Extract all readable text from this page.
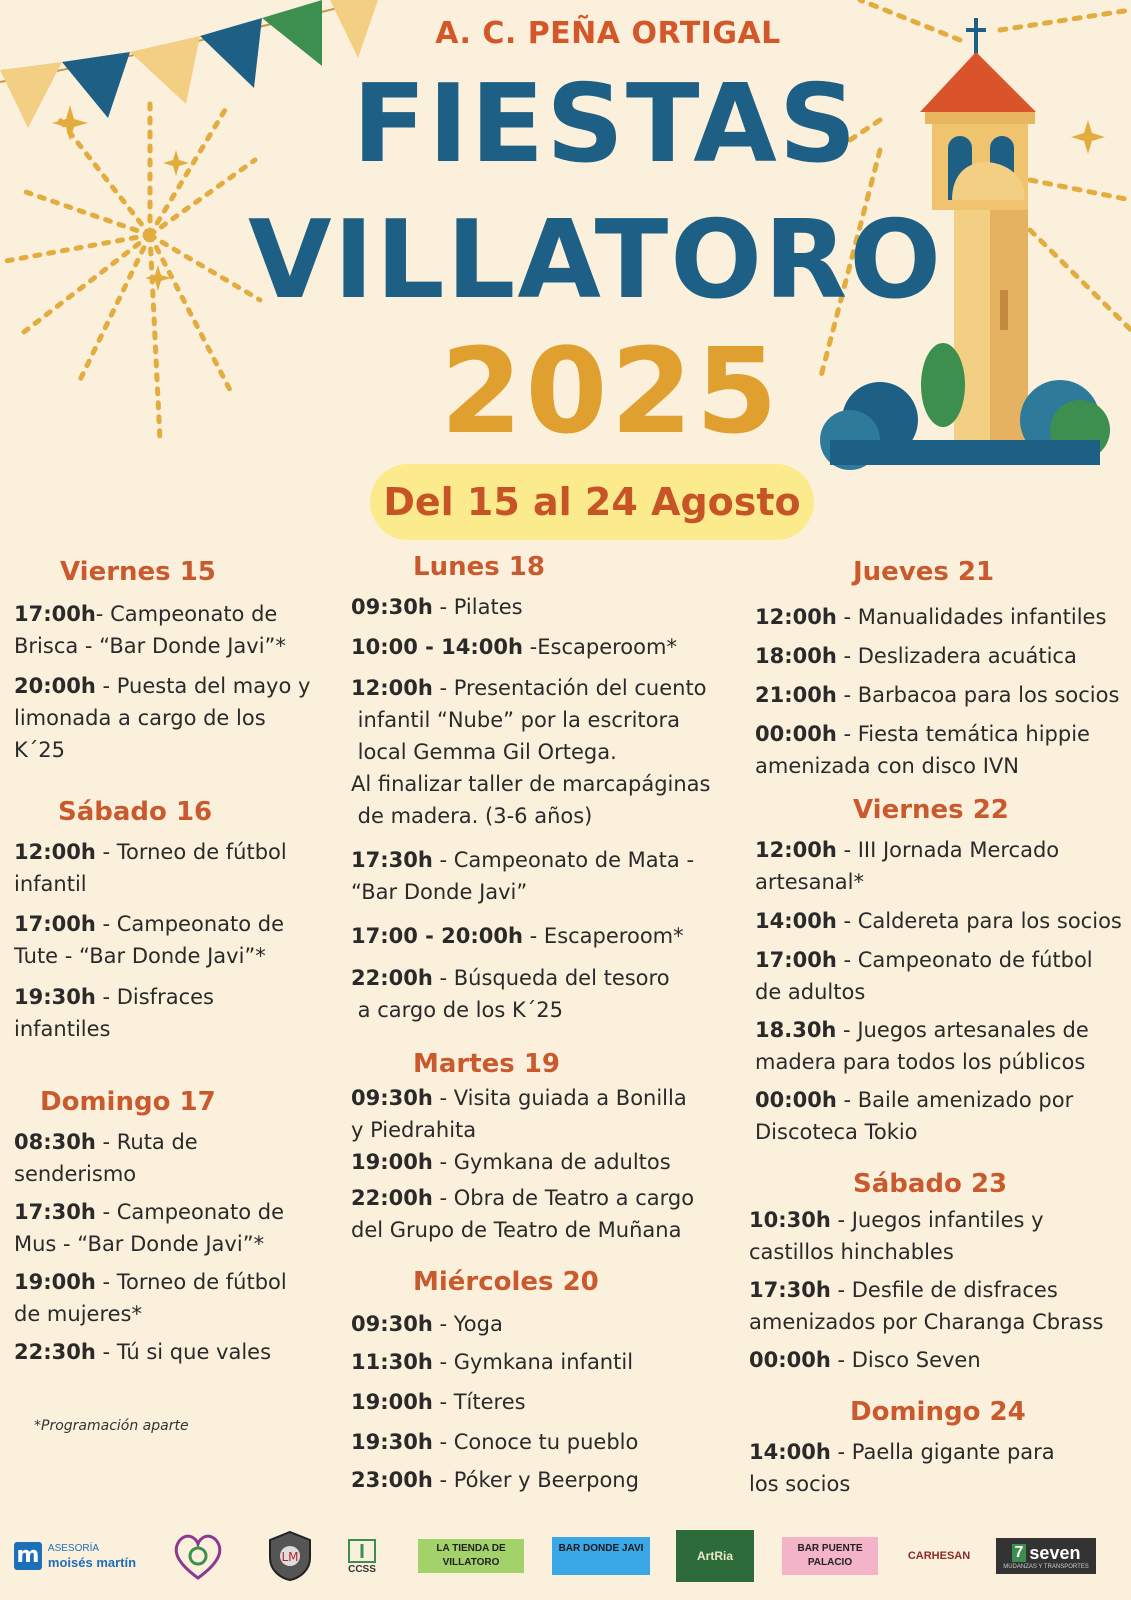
A. C. PEÑA ORTIGAL
FIESTAS
VILLATORO
2025
Del 15 al 24 Agosto
Viernes 15
17:00h- Campeonato de
Brisca - “Bar Donde Javi”*
20:00h - Puesta del mayo y
limonada a cargo de los
K´25
Sábado 16
12:00h - Torneo de fútbol
infantil
17:00h - Campeonato de
Tute - “Bar Donde Javi”*
19:30h - Disfraces
infantiles
Domingo 17
08:30h - Ruta de
senderismo
17:30h - Campeonato de
Mus - “Bar Donde Javi”*
19:00h - Torneo de fútbol
de mujeres*
22:30h - Tú si que vales
Lunes 18
09:30h - Pilates
10:00 - 14:00h -Escaperoom*
12:00h - Presentación del cuento
infantil “Nube” por la escritora
local Gemma Gil Ortega.
Al finalizar taller de marcapáginas
de madera. (3-6 años)
17:30h - Campeonato de Mata -
“Bar Donde Javi”
17:00 - 20:00h - Escaperoom*
22:00h - Búsqueda del tesoro
a cargo de los K´25
Martes 19
09:30h - Visita guiada a Bonilla
y Piedrahita
19:00h - Gymkana de adultos
22:00h - Obra de Teatro a cargo
del Grupo de Teatro de Muñana
Miércoles 20
09:30h - Yoga
11:30h - Gymkana infantil
19:00h - Títeres
19:30h - Conoce tu pueblo
23:00h - Póker y Beerpong
Jueves 21
12:00h - Manualidades infantiles
18:00h - Deslizadera acuática
21:00h - Barbacoa para los socios
00:00h - Fiesta temática hippie
amenizada con disco IVN
Viernes 22
12:00h - III Jornada Mercado
artesanal*
14:00h - Caldereta para los socios
17:00h - Campeonato de fútbol
de adultos
18.30h - Juegos artesanales de
madera para todos los públicos
00:00h - Baile amenizado por
Discoteca Tokio
Sábado 23
10:30h - Juegos infantiles y
castillos hinchables
17:30h - Desfile de disfraces
amenizados por Charanga Cbrass
00:00h - Disco Seven
Domingo 24
14:00h - Paella gigante para
los socios
*Programación aparte
m ASESORÍA
moisés martín	LM
CCSS
LA TIENDA DE VILLATORO
BAR DONDE JAVI
ArtRia
BAR PUENTE PALACIO
CARHESAN	7 seven
MUDANZAS Y TRANSPORTES
